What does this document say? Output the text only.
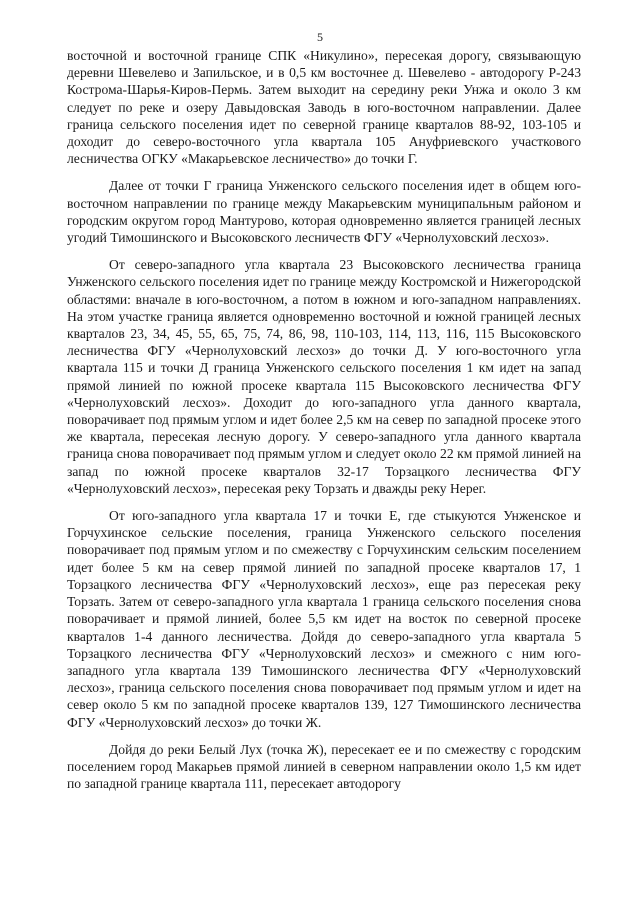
5

восточной и восточной границе СПК «Никулино», пересекая дорогу, связывающую деревни Шевелево и Запильское, и в 0,5 км восточнее д. Шевелево - автодорогу Р-243 Кострома-Шарья-Киров-Пермь. Затем выходит на середину реки Унжа и около 3 км следует по реке и озеру Давыдовская Заводь в юго-восточном направлении. Далее граница сельского поселения идет по северной границе кварталов 88-92, 103-105 и доходит до северо-восточного угла квартала 105 Ануфриевского участкового лесничества ОГКУ «Макарьевское лесничество» до точки Г.

Далее от точки Г граница Унженского сельского поселения идет в общем юго-восточном направлении по границе между Макарьевским муниципальным районом и городским округом город Мантурово, которая одновременно является границей лесных угодий Тимошинского и Высоковского лесничеств ФГУ «Чернолуховский лесхоз».

От северо-западного угла квартала 23 Высоковского лесничества граница Унженского сельского поселения идет по границе между Костромской и Нижегородской областями: вначале в юго-восточном, а потом в южном и юго-западном направлениях. На этом участке граница является одновременно восточной и южной границей лесных кварталов 23, 34, 45, 55, 65, 75, 74, 86, 98, 110-103, 114, 113, 116, 115 Высоковского лесничества ФГУ «Чернолуховский лесхоз» до точки Д. У юго-восточного угла квартала 115 и точки Д граница Унженского сельского поселения 1 км идет на запад прямой линией по южной просеке квартала 115 Высоковского лесничества ФГУ «Чернолуховский лесхоз». Доходит до юго-западного угла данного квартала, поворачивает под прямым углом и идет более 2,5 км на север по западной просеке этого же квартала, пересекая лесную дорогу. У северо-западного угла данного квартала граница снова поворачивает под прямым углом и следует около 22 км прямой линией на запад по южной просеке кварталов 32-17 Торзацкого лесничества ФГУ «Чернолуховский лесхоз», пересекая реку Торзать и дважды реку Нерег.

От юго-западного угла квартала 17 и точки Е, где стыкуются Унженское и Горчухинское сельские поселения, граница Унженского сельского поселения поворачивает под прямым углом и по смежеству с Горчухинским сельским поселением идет более 5 км на север прямой линией по западной просеке кварталов 17, 1 Торзацкого лесничества ФГУ «Чернолуховский лесхоз», еще раз пересекая реку Торзать. Затем от северо-западного угла квартала 1 граница сельского поселения снова поворачивает и прямой линией, более 5,5 км идет на восток по северной просеке кварталов 1-4 данного лесничества. Дойдя до северо-западного угла квартала 5 Торзацкого лесничества ФГУ «Чернолуховский лесхоз» и смежного с ним юго-западного угла квартала 139 Тимошинского лесничества ФГУ «Чернолуховский лесхоз», граница сельского поселения снова поворачивает под прямым углом и идет на север около 5 км по западной просеке кварталов 139, 127 Тимошинского лесничества ФГУ «Чернолуховский лесхоз» до точки Ж.

Дойдя до реки Белый Лух (точка Ж), пересекает ее и по смежеству с городским поселением город Макарьев прямой линией в северном направлении около 1,5 км идет по западной границе квартала 111, пересекает автодорогу
